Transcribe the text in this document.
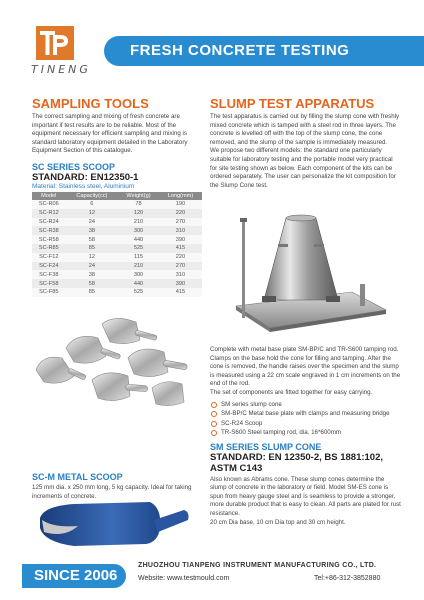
TINENG
FRESH CONCRETE TESTING
SAMPLING TOOLS

The correct sampling and mixing of fresh concrete are important if test results are to be reliable. Most of the equipment necessary for efficient sampling and mixing is standard laboratory equipment detailed in the Laboratory Equipment Section of this catalogue.

SC SERIES SCOOP
STANDARD: EN12350-1
Material: Stainless steel, Aluminium
Model	Capacity(cc)	Weight(g)	Long(mm)
SC-R06	6	78	190
SC-R12	12	120	220
SC-R24	24	210	270
SC-R38	38	300	310
SC-R58	58	440	390
SC-R85	85	525	415
SC-F12	12	115	220
SC-F24	24	210	270
SC-F38	38	300	310
SC-F58	58	440	390
SC-F85	85	525	415
SC-M METAL SCOOP

125 mm dia. x 250 mm long, 5 kg capacity. Ideal for taking increments of concrete.

SLUMP TEST APPARATUS

The test apparatus is carried out by filling the slump cone with freshly mixed concrete which is tamped with a steel rod in three layers. The concrete is levelled off with the top of the slump cone, the cone removed, and the slump of the sample is immediately measured.

We propose two different models: the standard one particularly suitable for laboratory testing and the portable model very practical for site testing shown as below. Each component of the kits can be ordered separately. The user can personalize the kit composition for the Slump Cone test.

Complete with metal base plate SM-BP/C and TR-S600 tamping rod. Clamps on the base hold the cone for filling and tamping. After the cone is removed, the handle raises over the specimen and the slump is measured using a 22 cm scale engraved in 1 cm increments on the end of the rod.

The set of components are fitted together for easy carrying.

SM series slump cone
SM-BP/C Metal base plate with clamps and measuring bridge
SC-R24 Scoop
TR-S600 Steel tamping rod, dia. 16*600mm
SM SERIES SLUMP CONE
STANDARD: EN 12350-2, BS 1881:102, ASTM C143

Also known as Abrams cone. These slump cones determine the slump of concrete in the laboratory or field. Model SM-ES cone is spun from heavy gauge steel and is seamless to provide a stronger, more durable product that is easy to clean. All parts are plated for rust resistance.

20 cm Dia base, 10 cm Dia top and 30 cm height.

SINCE 2006
ZHUOZHOU TIANPENG INSTRUMENT MANUFACTURING CO., LTD.
Website: www.testmould.com	Tel:+86-312-3852880
